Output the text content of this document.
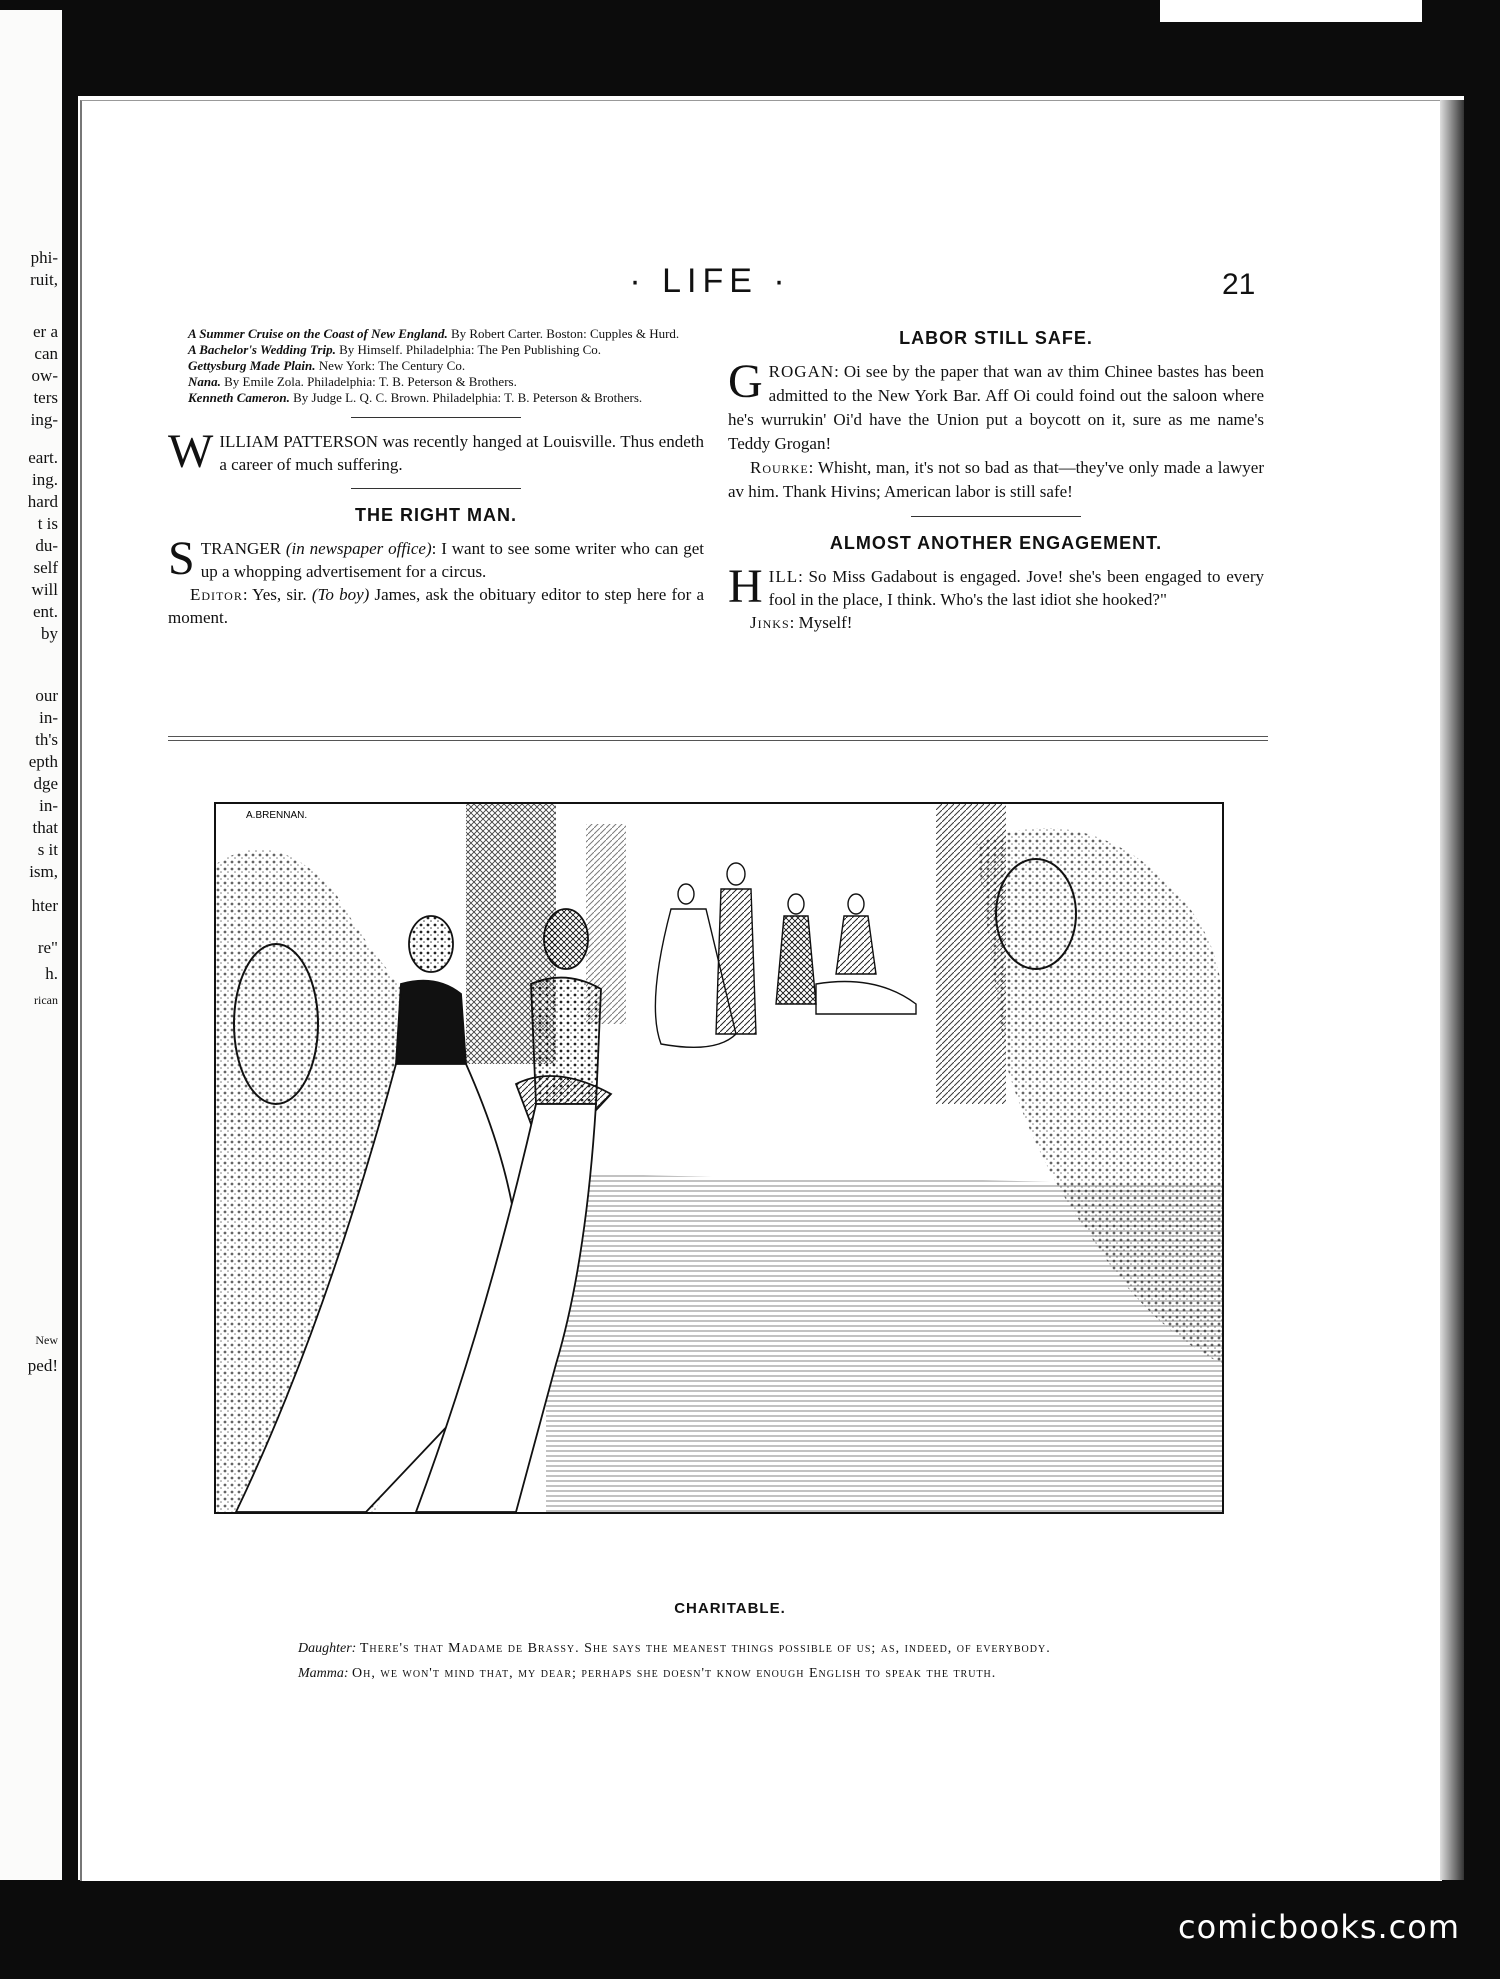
phi-
ruit,
er a
can
ow-
ters
ing-
eart.
ing.
hard
t is
du-
self
will
ent.
by
our
in-
th's
epth
dge
in-
that
s it
ism,
hter
re"
h.
rican
New
ped!
· LIFE ·	21

A Summer Cruise on the Coast of New England. By Robert Carter. Boston: Cupples & Hurd.

A Bachelor's Wedding Trip. By Himself. Philadelphia: The Pen Publishing Co.

Gettysburg Made Plain. New York: The Century Co.

Nana. By Emile Zola. Philadelphia: T. B. Peterson & Brothers.

Kenneth Cameron. By Judge L. Q. C. Brown. Philadelphia: T. B. Peterson & Brothers.

WILLIAM PATTERSON was recently hanged at Louisville. Thus endeth a career of much suffering.
THE RIGHT MAN.
STRANGER (in newspaper office): I want to see some writer who can get up a whopping advertisement for a circus.

Editor: Yes, sir. (To boy) James, ask the obituary editor to step here for a moment.

LABOR STILL SAFE.
GROGAN: Oi see by the paper that wan av thim Chinee bastes has been admitted to the New York Bar. Aff Oi could foind out the saloon where he's wurrukin' Oi'd have the Union put a boycott on it, sure as me name's Teddy Grogan!

Rourke: Whisht, man, it's not so bad as that—they've only made a lawyer av him. Thank Hivins; American labor is still safe!

ALMOST ANOTHER ENGAGEMENT.
HILL: So Miss Gadabout is engaged. Jove! she's been engaged to every fool in the place, I think. Who's the last idiot she hooked?"

Jinks: Myself!

A.BRENNAN.
CHARITABLE.

Daughter: There's that Madame de Brassy. She says the meanest things possible of us; as, indeed, of everybody.

Mamma: Oh, we won't mind that, my dear; perhaps she doesn't know enough English to speak the truth.

comicbooks.com
